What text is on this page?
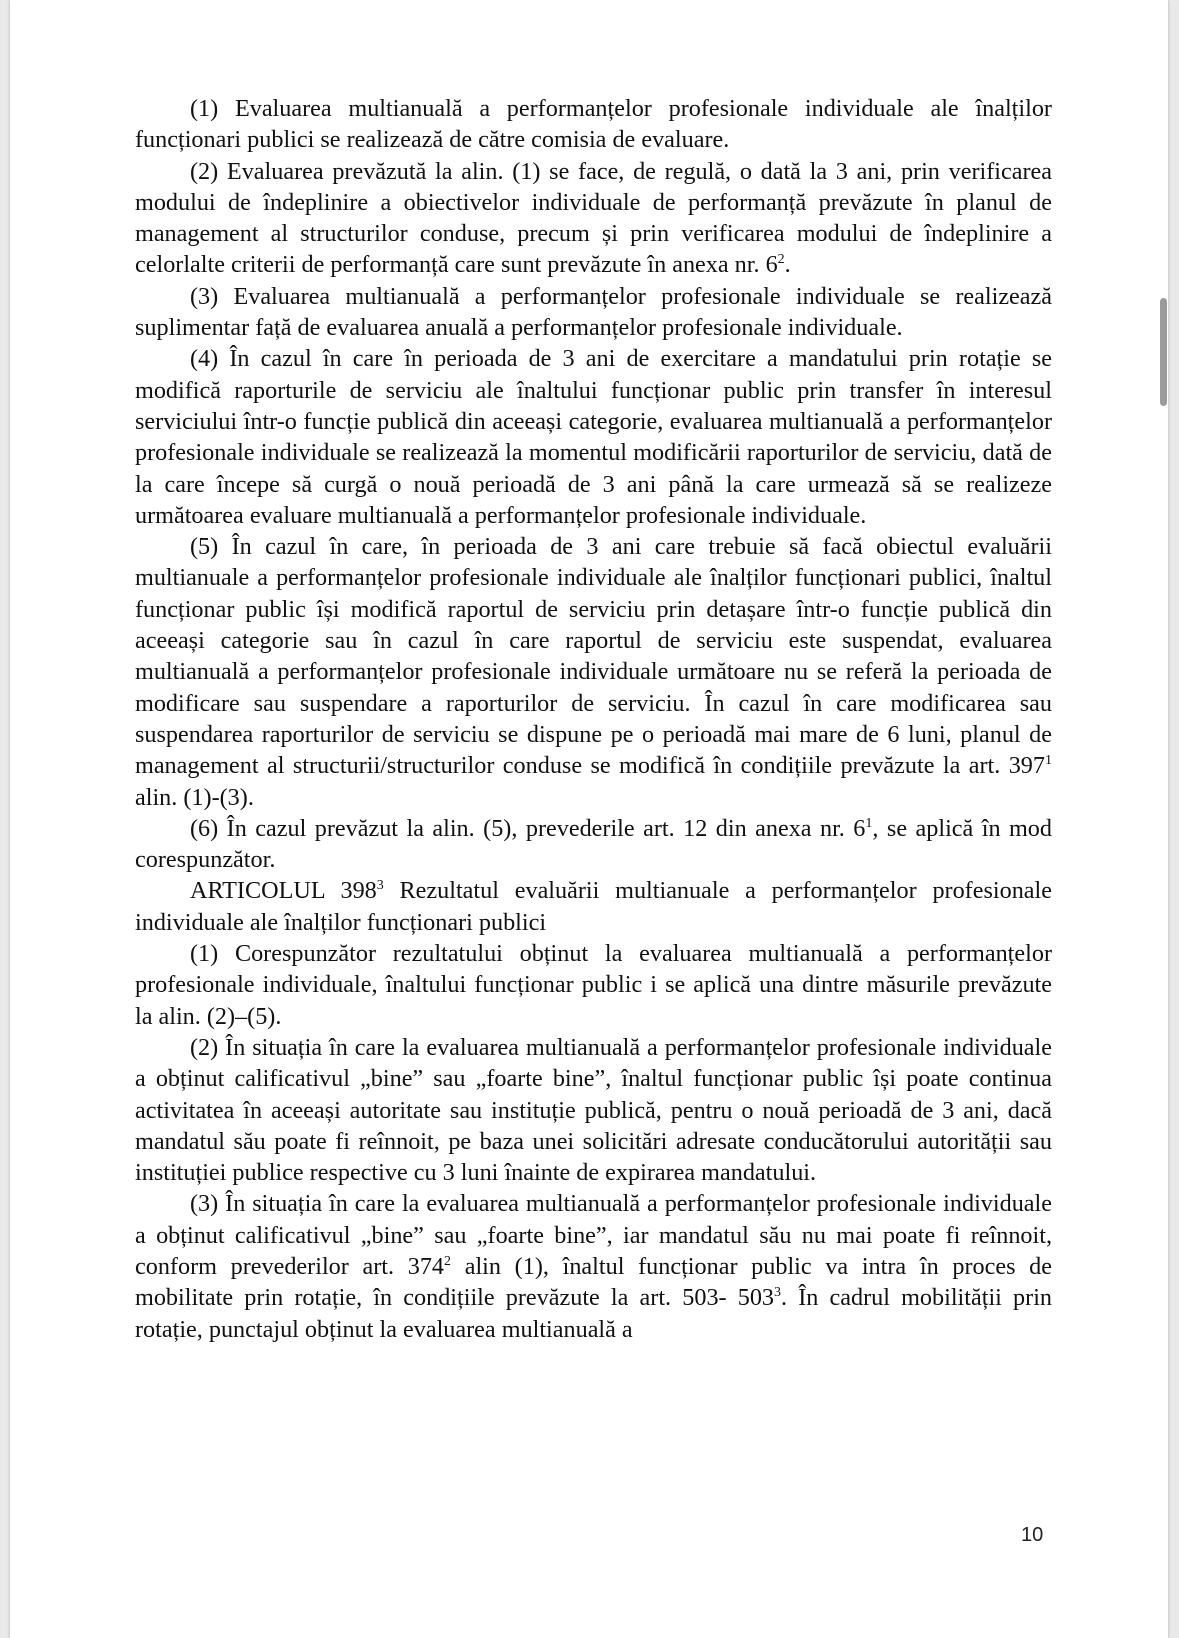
(1) Evaluarea multianuală a performanțelor profesionale individuale ale înalților funcționari publici se realizează de către comisia de evaluare.

(2) Evaluarea prevăzută la alin. (1) se face, de regulă, o dată la 3 ani, prin verificarea modului de îndeplinire a obiectivelor individuale de performanță prevăzute în planul de management al structurilor conduse, precum și prin verificarea modului de îndeplinire a celorlalte criterii de performanță care sunt prevăzute în anexa nr. $6^2$.

(3) Evaluarea multianuală a performanțelor profesionale individuale se realizează suplimentar față de evaluarea anuală a performanțelor profesionale individuale.

(4) În cazul în care în perioada de 3 ani de exercitare a mandatului prin rotație se modifică raporturile de serviciu ale înaltului funcționar public prin transfer în interesul serviciului într-o funcție publică din aceeași categorie, evaluarea multianuală a performanțelor profesionale individuale se realizează la momentul modificării raporturilor de serviciu, dată de la care începe să curgă o nouă perioadă de 3 ani până la care urmează să se realizeze următoarea evaluare multianuală a performanțelor profesionale individuale.

(5) În cazul în care, în perioada de 3 ani care trebuie să facă obiectul evaluării multianuale a performanțelor profesionale individuale ale înalților funcționari publici, înaltul funcționar public își modifică raportul de serviciu prin detașare într-o funcție publică din aceeași categorie sau în cazul în care raportul de serviciu este suspendat, evaluarea multianuală a performanțelor profesionale individuale următoare nu se referă la perioada de modificare sau suspendare a raporturilor de serviciu. În cazul în care modificarea sau suspendarea raporturilor de serviciu se dispune pe o perioadă mai mare de 6 luni, planul de management al structurii/structurilor conduse se modifică în condițiile prevăzute la art. $397^1$ alin. (1)-(3).

(6) În cazul prevăzut la alin. (5), prevederile art. 12 din anexa nr. $6^1$, se aplică în mod corespunzător.

ARTICOLUL $398^3$ Rezultatul evaluării multianuale a performanțelor profesionale individuale ale înalților funcționari publici

(1) Corespunzător rezultatului obținut la evaluarea multianuală a performanțelor profesionale individuale, înaltului funcționar public i se aplică una dintre măsurile prevăzute la alin. (2)–(5).

(2) În situația în care la evaluarea multianuală a performanțelor profesionale individuale a obținut calificativul „bine” sau „foarte bine”, înaltul funcționar public își poate continua activitatea în aceeași autoritate sau instituție publică, pentru o nouă perioadă de 3 ani, dacă mandatul său poate fi reînnoit, pe baza unei solicitări adresate conducătorului autorității sau instituției publice respective cu 3 luni înainte de expirarea mandatului.

(3) În situația în care la evaluarea multianuală a performanțelor profesionale individuale a obținut calificativul „bine” sau „foarte bine”, iar mandatul său nu mai poate fi reînnoit, conform prevederilor art. $374^2$ alin (1), înaltul funcționar public va intra în proces de mobilitate prin rotație, în condițiile prevăzute la art. 503- $503^3$. În cadrul mobilității prin rotație, punctajul obținut la evaluarea multianuală a

10
